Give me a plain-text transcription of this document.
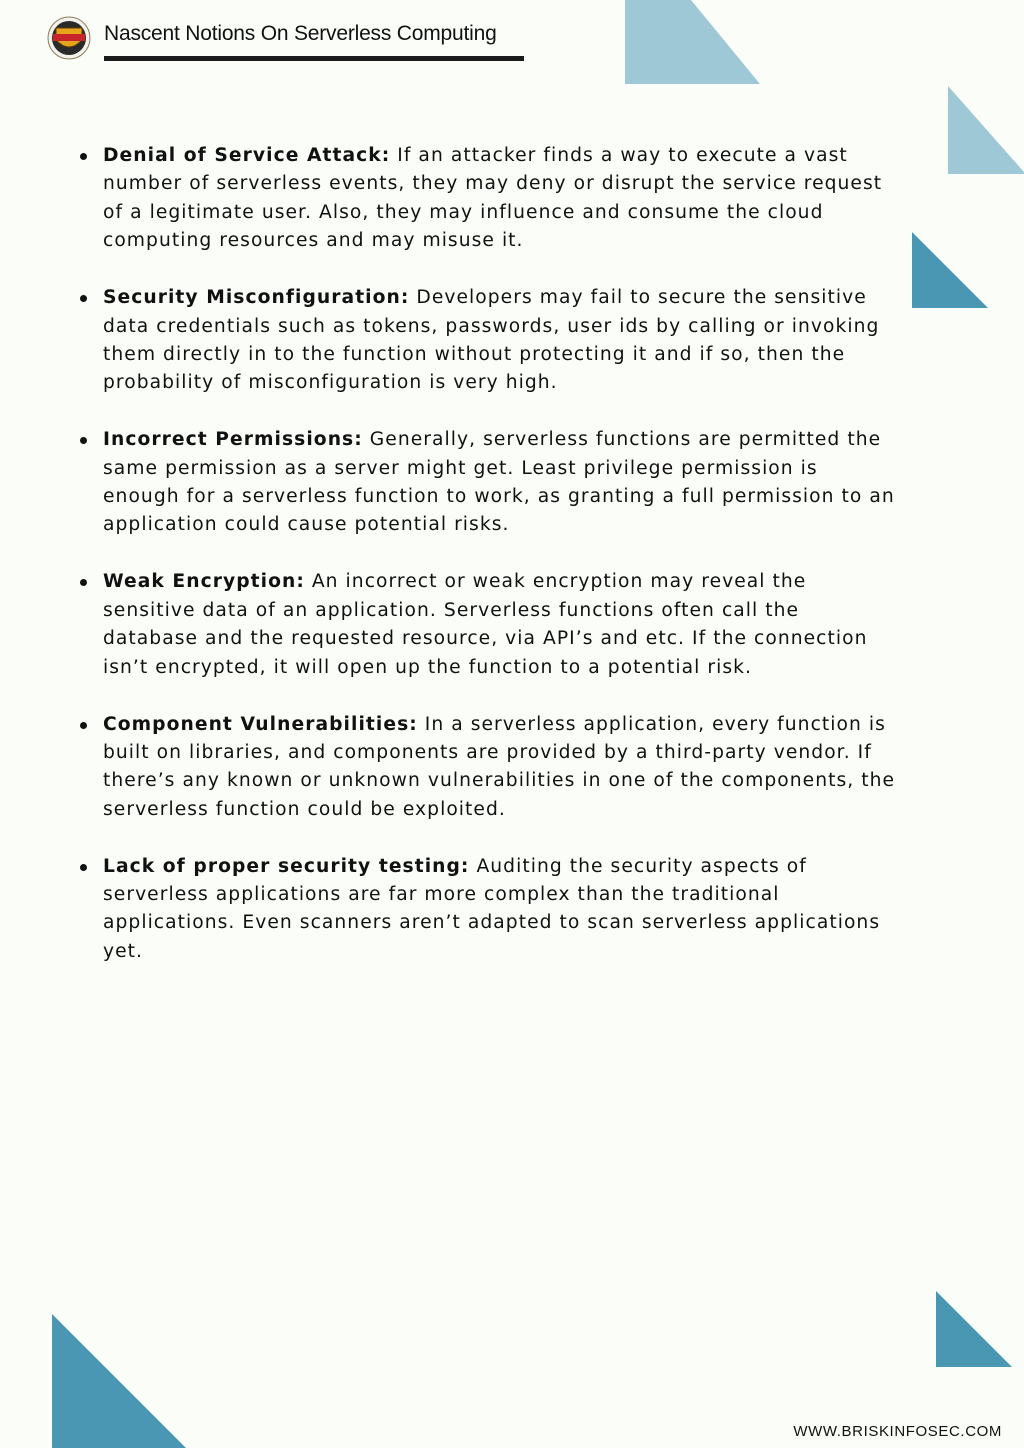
Nascent Notions On Serverless Computing
Denial of Service Attack: If an attacker finds a way to execute a vast number of serverless events, they may deny or disrupt the service request of a legitimate user. Also, they may influence and consume the cloud computing resources and may misuse it.
Security Misconfiguration: Developers may fail to secure the sensitive data credentials such as tokens, passwords, user ids by calling or invoking them directly in to the function without protecting it and if so, then the probability of misconfiguration is very high.
Incorrect Permissions: Generally, serverless functions are permitted the same permission as a server might get. Least privilege permission is enough for a serverless function to work, as granting a full permission to an application could cause potential risks.
Weak Encryption: An incorrect or weak encryption may reveal the sensitive data of an application. Serverless functions often call the database and the requested resource, via API’s and etc. If the connection isn’t encrypted, it will open up the function to a potential risk.
Component Vulnerabilities: In a serverless application, every function is built on libraries, and components are provided by a third-party vendor. If there’s any known or unknown vulnerabilities in one of the components, the serverless function could be exploited.
Lack of proper security testing: Auditing the security aspects of serverless applications are far more complex than the traditional applications. Even scanners aren’t adapted to scan serverless applications yet.
WWW.BRISKINFOSEC.COM
